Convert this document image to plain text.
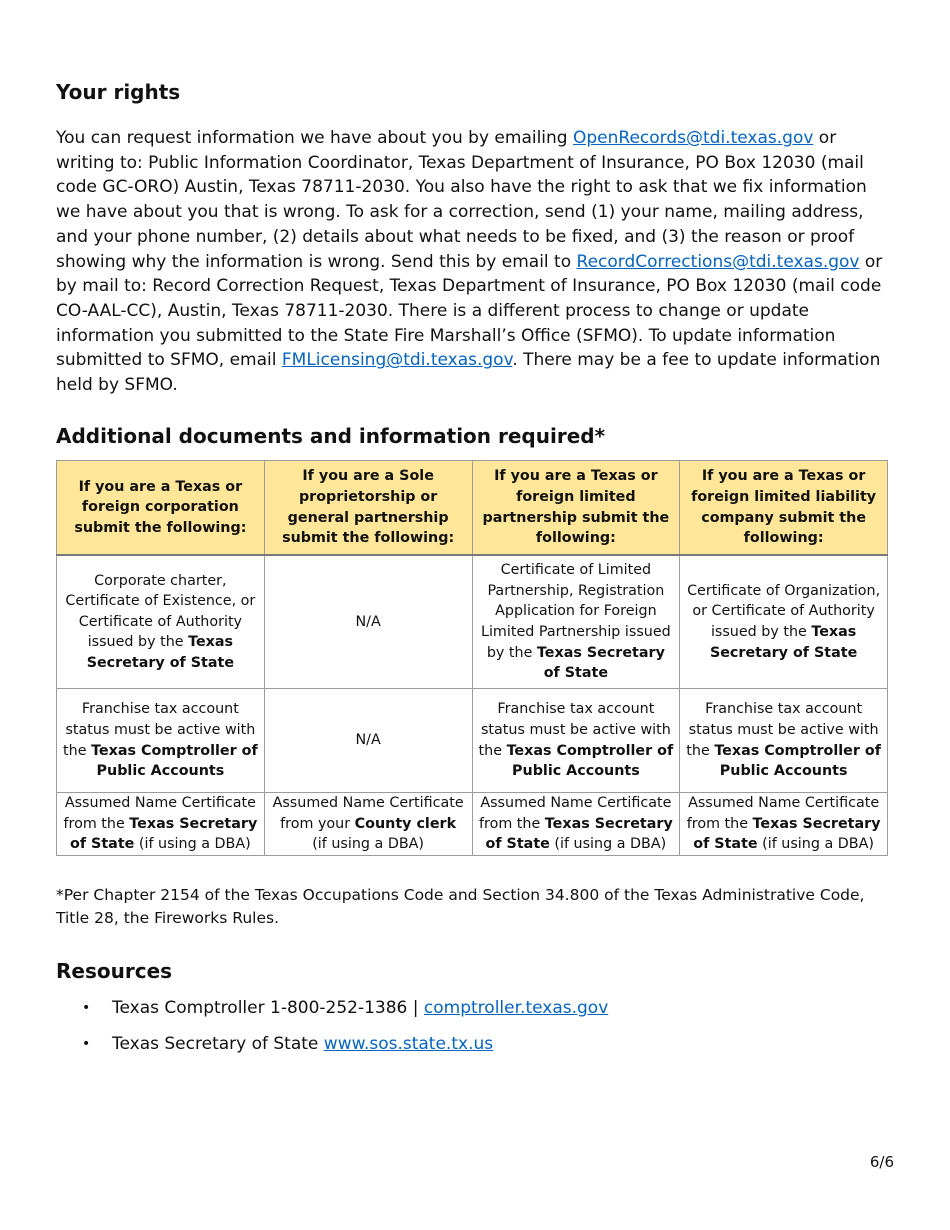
Your rights

You can request information we have about you by emailing OpenRecords@tdi.texas.gov or writing to: Public Information Coordinator, Texas Department of Insurance, PO Box 12030 (mail code GC-ORO) Austin, Texas 78711-2030. You also have the right to ask that we fix information we have about you that is wrong. To ask for a correction, send (1) your name, mailing address, and your phone number, (2) details about what needs to be fixed, and (3) the reason or proof showing why the information is wrong. Send this by email to RecordCorrections@tdi.texas.gov or by mail to: Record Correction Request, Texas Department of Insurance, PO Box 12030 (mail code CO-AAL-CC), Austin, Texas 78711-2030. There is a different process to change or update information you submitted to the State Fire Marshall’s Office (SFMO). To update information submitted to SFMO, email FMLicensing@tdi.texas.gov. There may be a fee to update information held by SFMO.

Additional documents and information required*
If you are a Texas or foreign corporation submit the following:	If you are a Sole proprietorship or general partnership submit the following:	If you are a Texas or foreign limited partnership submit the following:	If you are a Texas or foreign limited liability company submit the following:
Corporate charter, Certificate of Existence, or Certificate of Authority issued by the Texas Secretary of State	N/A	Certificate of Limited Partnership, Registration Application for Foreign Limited Partnership issued by the Texas Secretary of State	Certificate of Organization, or Certificate of Authority issued by the Texas Secretary of State
Franchise tax account status must be active with the Texas Comptroller of Public Accounts	N/A	Franchise tax account status must be active with the Texas Comptroller of Public Accounts	Franchise tax account status must be active with the Texas Comptroller of Public Accounts
Assumed Name Certificate from the Texas Secretary of State (if using a DBA)	Assumed Name Certificate from your County clerk (if using a DBA)	Assumed Name Certificate from the Texas Secretary of State (if using a DBA)	Assumed Name Certificate from the Texas Secretary of State (if using a DBA)

*Per Chapter 2154 of the Texas Occupations Code and Section 34.800 of the Texas Administrative Code, Title 28, the Fireworks Rules.

Resources
• Texas Comptroller 1-800-252-1386 | comptroller.texas.gov
• Texas Secretary of State www.sos.state.tx.us
6/6
